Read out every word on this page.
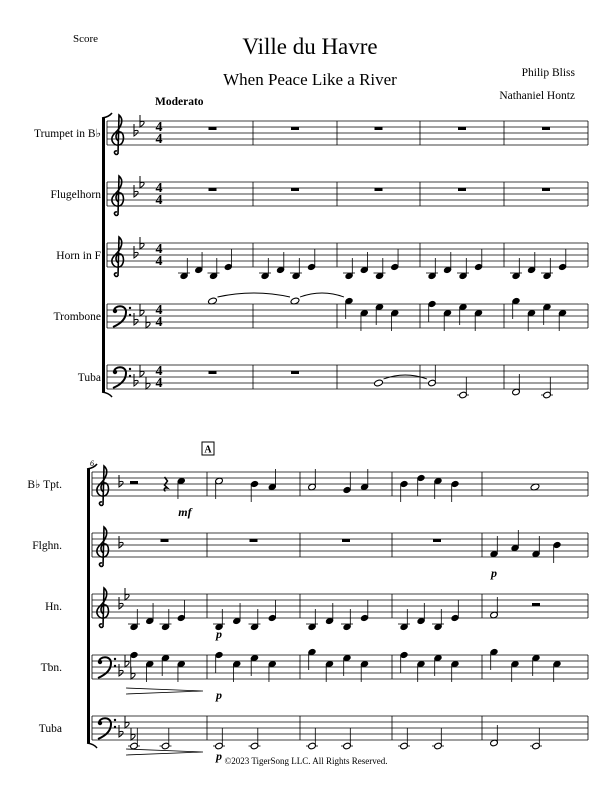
Score	Ville du Havre
When Peace Like a River	Philip Bliss
Nathaniel Hontz
Moderato
©2023 TigerSong LLC. All Rights Reserved.
Trumpet in B♭	4
4
Flugelhorn	4
4
Horn in F	4
4
Trombone	4
4
Tuba	4
4
B♭ Tpt.
6
Flghn.
Hn.
Tbn.
Tuba
A
mf
p
p
p
p
